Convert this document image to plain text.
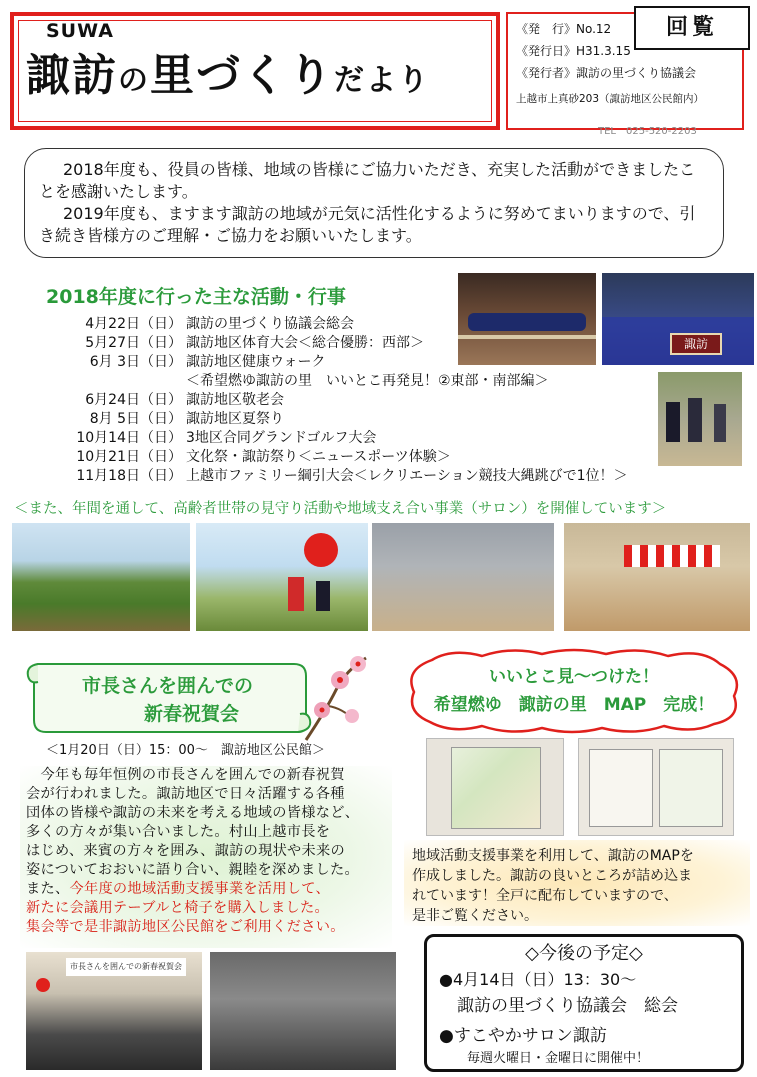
SUWA
諏訪の里づくりだより
《発　行》No.12
《発行日》H31.3.15
《発行者》諏訪の里づくり協議会
上越市上真砂203（諏訪地区公民館内）
TEL　025-520-2203
回覧

2018年度も、役員の皆様、地域の皆様にご協力いただき、充実した活動ができましたことを感謝いたします。

2019年度も、ますます諏訪の地域が元気に活性化するように努めてまいりますので、引き続き皆様方のご理解・ご協力をお願いいたします。

2018年度に行った主な活動・行事
4月22日（日） 諏訪の里づくり協議会総会
5月27日（日） 諏訪地区体育大会＜総合優勝：西部＞
6月 3日（日） 諏訪地区健康ウォーク
＜希望燃ゆ諏訪の里　いいとこ再発見！②東部・南部編＞
6月24日（日） 諏訪地区敬老会
8月 5日（日） 諏訪地区夏祭り
10月14日（日） 3地区合同グランドゴルフ大会
10月21日（日） 文化祭・諏訪祭り＜ニュースポーツ体験＞
11月18日（日） 上越市ファミリー綱引大会＜レクリエーション競技大縄跳びで1位！＞
諏訪
＜また、年間を通して、高齢者世帯の見守り活動や地域支え合い事業（サロン）を開催しています＞
市長さんを囲んでの
新春祝賀会
＜1月20日（日）15：00～　諏訪地区公民館＞
　今年も毎年恒例の市長さんを囲んでの新春祝賀
会が行われました。諏訪地区で日々活躍する各種
団体の皆様や諏訪の未来を考える地域の皆様など、
多くの方々が集い合いました。村山上越市長を
はじめ、来賓の方々を囲み、諏訪の現状や未来の
姿についておおいに語り合い、親睦を深めました。
また、今年度の地域活動支援事業を活用して、
新たに会議用テーブルと椅子を購入しました。
集会等で是非諏訪地区公民館をご利用ください。
市長さんを囲んでの新春祝賀会
いいとこ見～つけた！
希望燃ゆ　諏訪の里　MAP　完成！
地域活動支援事業を利用して、諏訪のMAPを
作成しました。諏訪の良いところが詰め込ま
れています！全戸に配布していますので、
是非ご覧ください。
◇今後の予定◇
●4月14日（日）13：30～
諏訪の里づくり協議会　総会
●すこやかサロン諏訪
毎週火曜日・金曜日に開催中！
